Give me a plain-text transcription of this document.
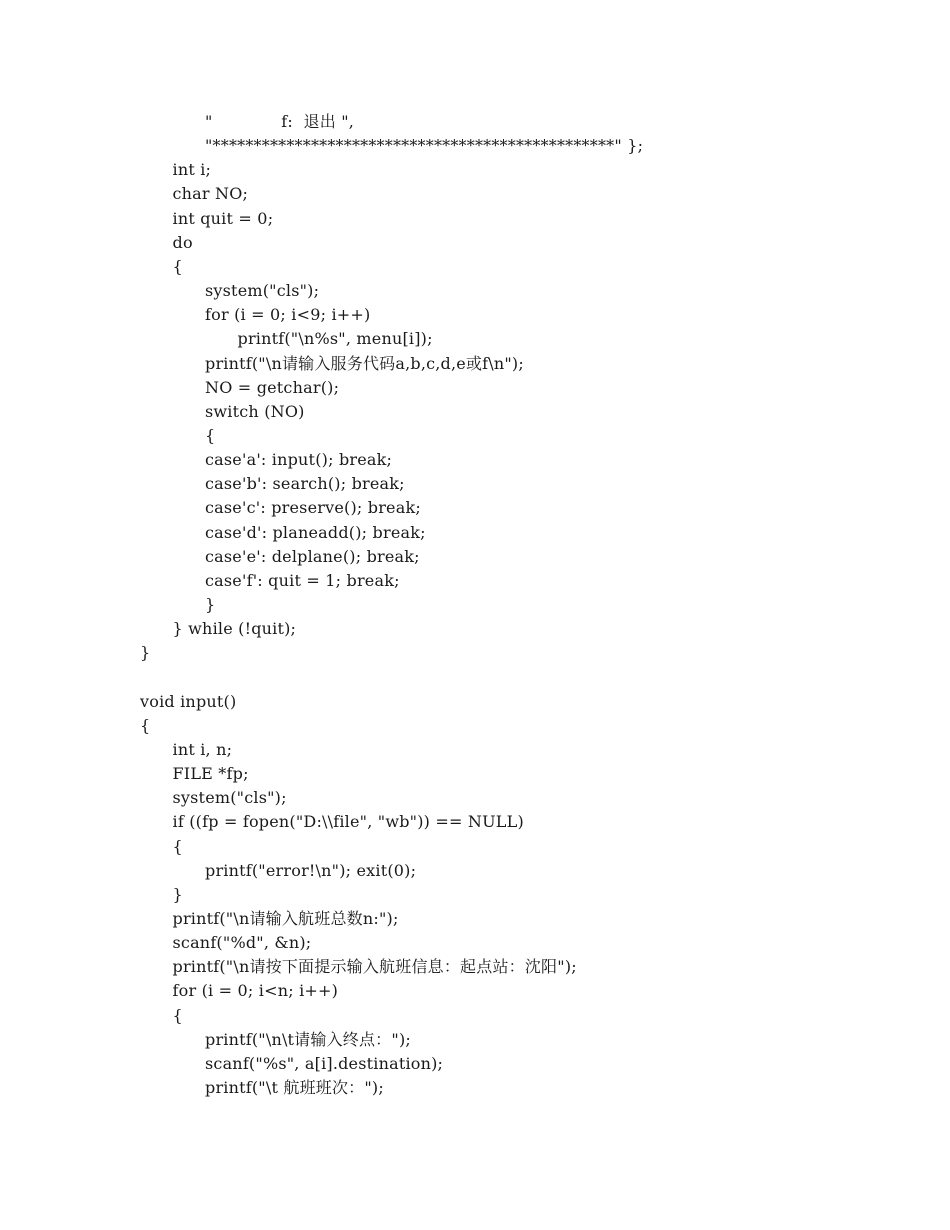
"             f:  退出 ",
"*************************************************" };
int i;
char NO;
int quit = 0;
do
{
system("cls");
for (i = 0; i<9; i++)
printf("\n%s", menu[i]);
printf("\n请输入服务代码a,b,c,d,e或f\n");
NO = getchar();
switch (NO)
{
case'a': input(); break;
case'b': search(); break;
case'c': preserve(); break;
case'd': planeadd(); break;
case'e': delplane(); break;
case'f': quit = 1; break;
}
} while (!quit);
}
void input()
{
int i, n;
FILE *fp;
system("cls");
if ((fp = fopen("D:\\file", "wb")) == NULL)
{
printf("error!\n"); exit(0);
}
printf("\n请输入航班总数n:");
scanf("%d", &n);
printf("\n请按下面提示输入航班信息：起点站：沈阳");
for (i = 0; i<n; i++)
{
printf("\n\t请输入终点：");
scanf("%s", a[i].destination);
printf("\t 航班班次：");
